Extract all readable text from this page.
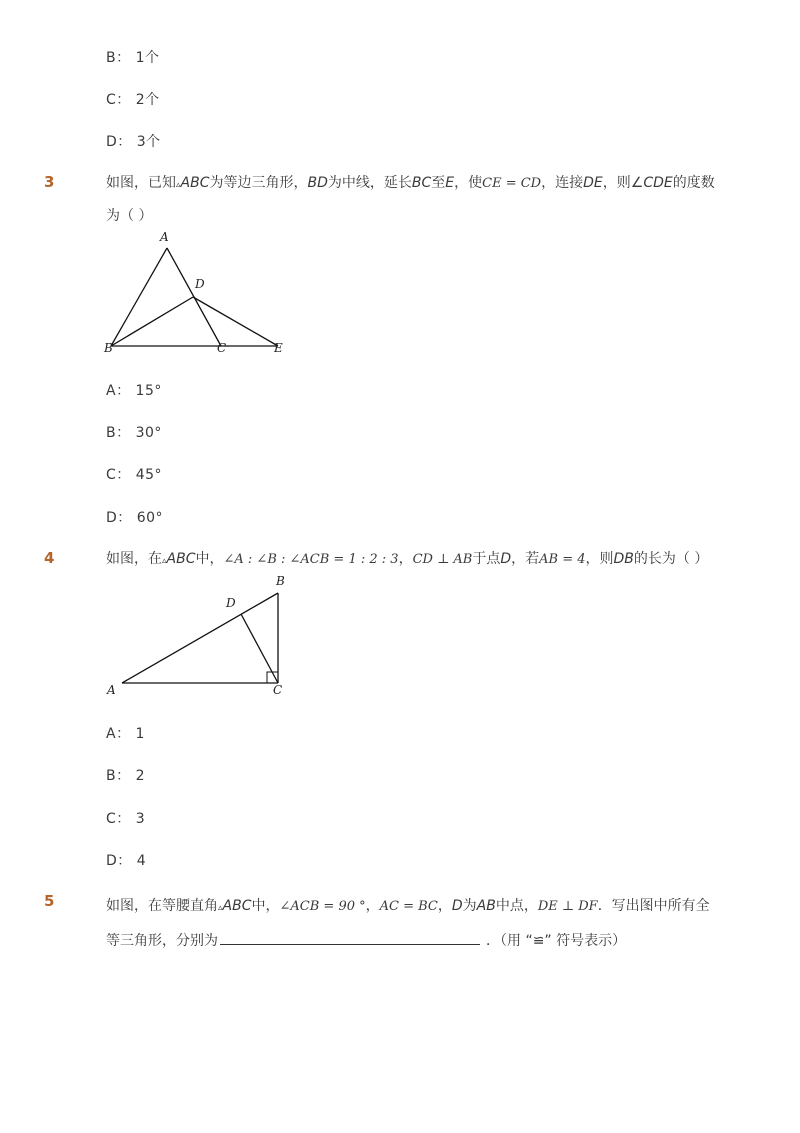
B： 1个
C： 2个
D： 3个
3	如图，已知▵ABC为等边三角形，BD为中线，延长BC至E，使CE = CD，连接DE，则∠CDE的度数
为（ ）
A
B	C
D
E
A： 15°
B： 30°
C： 45°
D： 60°
4	如图，在▵ABC中，∠A : ∠B : ∠ACB = 1 : 2 : 3，CD ⊥ AB于点D，若AB = 4，则DB的长为（ ）
B
D
A	C
A： 1
B： 2
C： 3
D： 4
5	如图，在等腰直角▵ABC中，∠ACB = 90 °，AC = BC，D为AB中点，DE ⊥ DF．写出图中所有全
等三角形，分别为	．（用 “≌” 符号表示）
